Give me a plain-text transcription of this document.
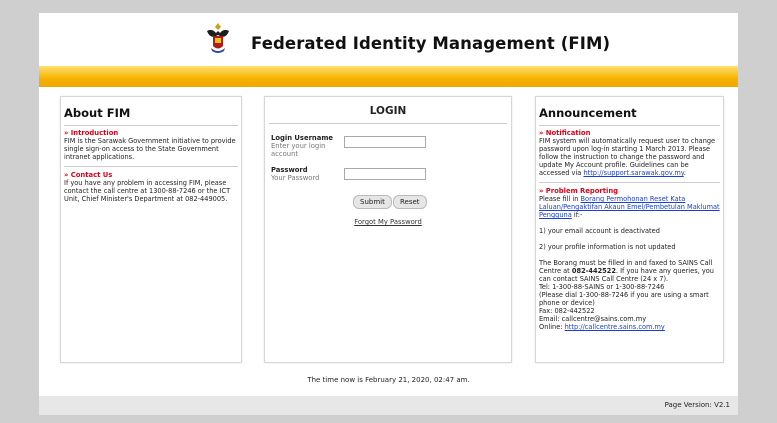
Federated Identity Management (FIM)
About FIM
» Introduction
FIM is the Sarawak Government initiative to provide single sign-on access to the State Government intranet applications.
» Contact Us
If you have any problem in accessing FIM, please contact the call centre at 1300-88-7246 or the ICT Unit, Chief Minister's Department at 082-449005.
LOGIN
Login Username
Enter your login account
Password
Your Password
Submit	Reset
Forgot My Password
Announcement
» Notification
FIM system will automatically request user to change password upon log-in starting 1 March 2013. Please follow the instruction to change the password and update My Account profile. Guidelines can be accessed via http://support.sarawak.gov.my.
» Problem Reporting
Please fill in Borang Permohonan Reset Kata Laluan/Pengaktifan Akaun Emel/Pembetulan Maklumat Pengguna if:-
1) your email account is deactivated
2) your profile information is not updated
The Borang must be filled in and faxed to SAINS Call Centre at 082-442522. If you have any queries, you can contact SAINS Call Centre (24 x 7).
Tel: 1-300-88-SAINS or 1-300-88-7246
(Please dial 1-300-88-7246 if you are using a smart phone or device)
Fax: 082-442522
Email: callcentre@sains.com.my
Online: http://callcentre.sains.com.my
The time now is February 21, 2020, 02:47 am.
Page Version: V2.1
